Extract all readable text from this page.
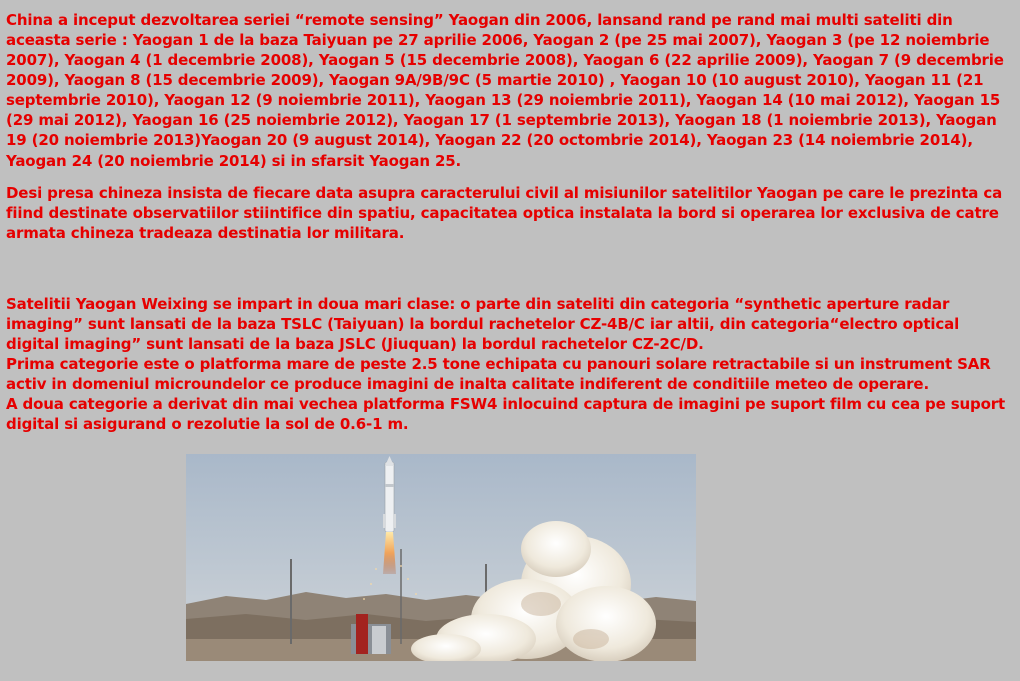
China a inceput dezvoltarea seriei “remote sensing” Yaogan din 2006, lansand rand pe rand mai multi sateliti din aceasta serie : Yaogan 1 de la baza Taiyuan pe 27 aprilie 2006, Yaogan 2 (pe 25 mai 2007), Yaogan 3 (pe 12 noiembrie 2007), Yaogan 4 (1 decembrie 2008), Yaogan 5 (15 decembrie 2008), Yaogan 6 (22 aprilie 2009), Yaogan 7 (9 decembrie 2009), Yaogan 8 (15 decembrie 2009), Yaogan 9A/9B/9C (5 martie 2010) , Yaogan 10 (10 august 2010), Yaogan 11 (21 septembrie 2010), Yaogan 12 (9 noiembrie 2011), Yaogan 13 (29 noiembrie 2011), Yaogan 14 (10 mai 2012), Yaogan 15 (29 mai 2012), Yaogan 16 (25 noiembrie 2012), Yaogan 17 (1 septembrie 2013), Yaogan 18 (1 noiembrie 2013), Yaogan 19 (20 noiembrie 2013)Yaogan 20 (9 august 2014), Yaogan 22 (20 octombrie 2014), Yaogan 23 (14 noiembrie 2014),

Yaogan 24 (20 noiembrie 2014) si in sfarsit Yaogan 25.

Desi presa chineza insista de fiecare data asupra caracterului civil al misiunilor satelitilor Yaogan pe care le prezinta ca fiind destinate observatiilor stiintifice din spatiu, capacitatea optica instalata la bord si operarea lor exclusiva de catre armata chineza tradeaza destinatia lor militara.

Satelitii Yaogan Weixing se impart in doua mari clase: o parte din sateliti din categoria “synthetic aperture radar imaging” sunt lansati de la baza TSLC (Taiyuan) la bordul rachetelor CZ-4B/C iar altii, din categoria“electro optical digital imaging” sunt lansati de la baza JSLC (Jiuquan) la bordul rachetelor CZ-2C/D.

Prima categorie este o platforma mare de peste 2.5 tone echipata cu panouri solare retractabile si un instrument SAR activ in domeniul microundelor ce produce imagini de inalta calitate indiferent de conditiile meteo de operare.

A doua categorie a derivat din mai vechea platforma FSW4 inlocuind captura de imagini pe suport film cu cea pe suport digital si asigurand o rezolutie la sol de 0.6-1 m.
